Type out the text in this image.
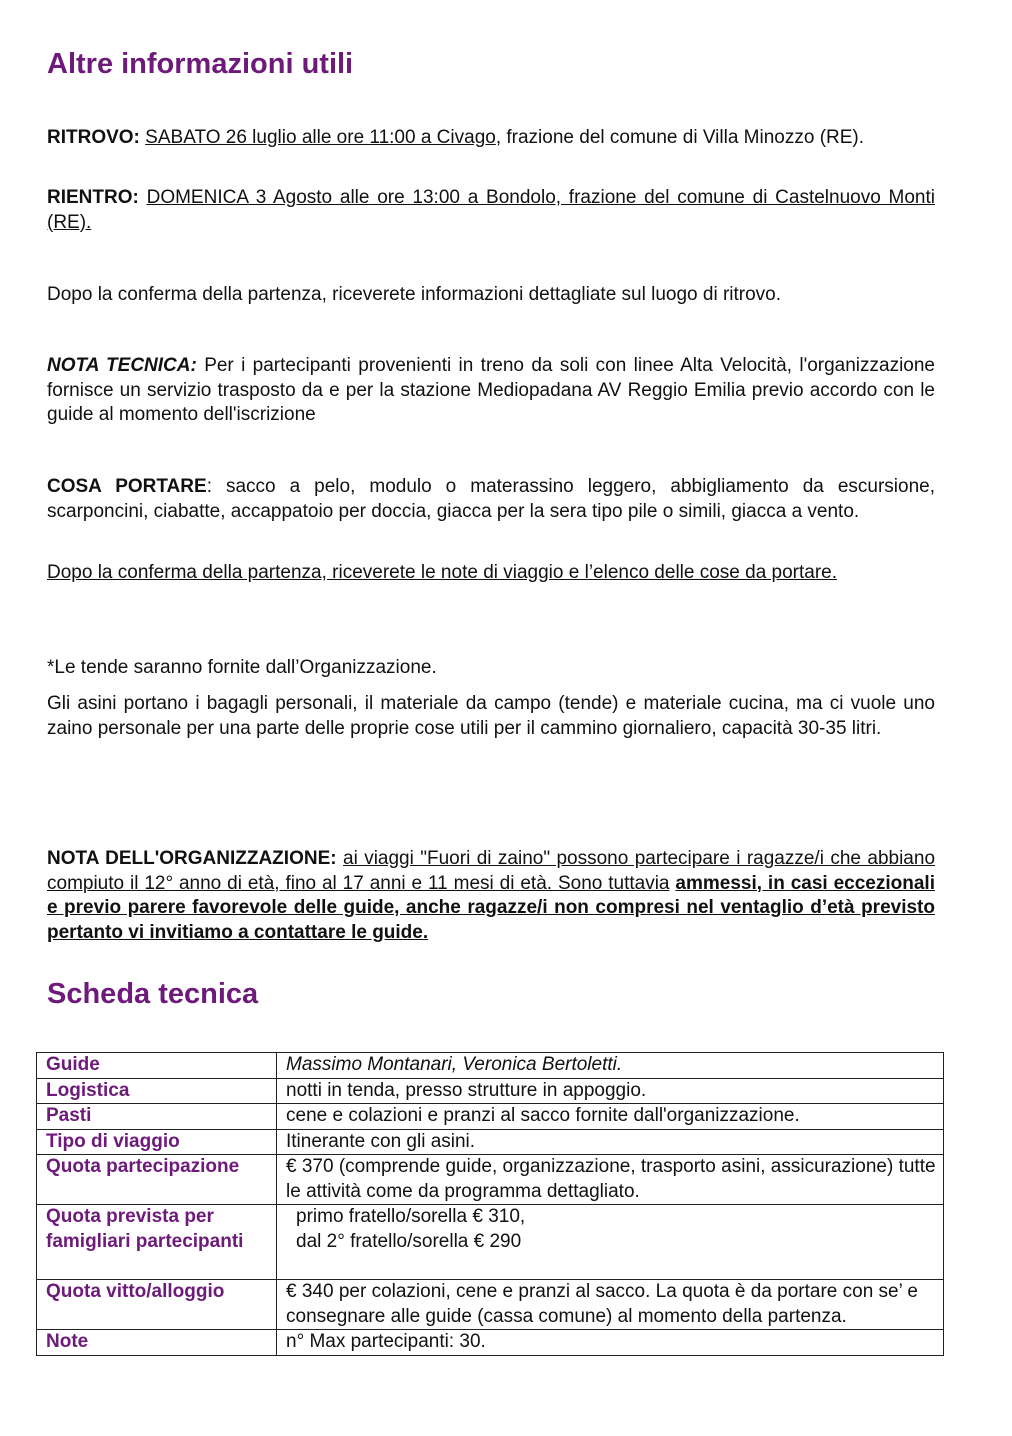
Altre informazioni utili

RITROVO: SABATO 26 luglio alle ore 11:00 a Civago, frazione del comune di Villa Minozzo (RE).

RIENTRO: DOMENICA 3 Agosto alle ore 13:00 a Bondolo, frazione del comune di Castelnuovo Monti (RE).

Dopo la conferma della partenza, riceverete informazioni dettagliate sul luogo di ritrovo.

NOTA TECNICA: Per i partecipanti provenienti in treno da soli con linee Alta Velocità, l'organizzazione fornisce un servizio trasposto da e per la stazione Mediopadana AV Reggio Emilia previo accordo con le guide al momento dell'iscrizione

COSA PORTARE: sacco a pelo, modulo o materassino leggero, abbigliamento da escursione, scarponcini, ciabatte, accappatoio per doccia, giacca per la sera tipo pile o simili, giacca a vento.

Dopo la conferma della partenza, riceverete le note di viaggio e l’elenco delle cose da portare.

*Le tende saranno fornite dall’Organizzazione.

Gli asini portano i bagagli personali, il materiale da campo (tende) e materiale cucina, ma ci vuole uno zaino personale per una parte delle proprie cose utili per il cammino giornaliero, capacità 30-35 litri.

NOTA DELL'ORGANIZZAZIONE: ai viaggi "Fuori di zaino" possono partecipare i ragazze/i che abbiano compiuto il 12° anno di età, fino al 17 anni e 11 mesi di età. Sono tuttavia ammessi, in casi eccezionali e previo parere favorevole delle guide, anche ragazze/i non compresi nel ventaglio d’età previsto pertanto vi invitiamo a contattare le guide.

Scheda tecnica
Guide	Massimo Montanari, Veronica Bertoletti.
Logistica	notti in tenda, presso strutture in appoggio.
Pasti	cene e colazioni e pranzi al sacco fornite dall'organizzazione.
Tipo di viaggio	Itinerante con gli asini.
Quota partecipazione	€ 370 (comprende guide, organizzazione, trasporto asini, assicurazione) tutte le attività come da programma dettagliato.
Quota prevista per famigliari partecipanti	primo fratello/sorella € 310,
dal 2° fratello/sorella € 290

Quota vitto/alloggio	€ 340 per colazioni, cene e pranzi al sacco. La quota è da portare con se’ e consegnare alle guide (cassa comune) al momento della partenza.
Note	n° Max partecipanti: 30.
